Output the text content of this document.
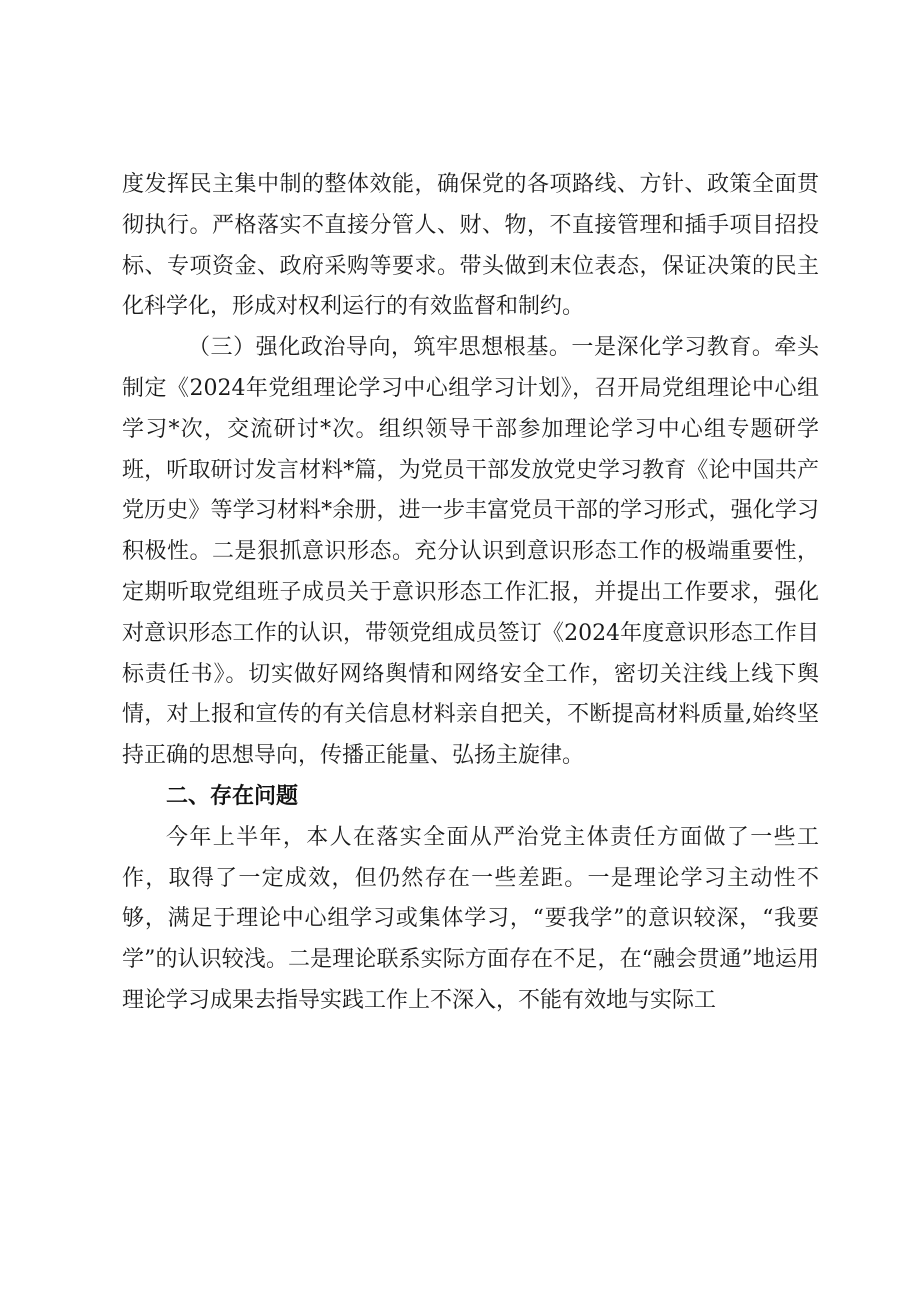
度发挥民主集中制的整体效能，确保党的各项路线、方针、政策全面贯彻执行。严格落实不直接分管人、财、物，不直接管理和插手项目招投标、专项资金、政府采购等要求。带头做到末位表态，保证决策的民主化科学化，形成对权利运行的有效监督和制约。

（三）强化政治导向，筑牢思想根基。一是深化学习教育。牵头制定《2024年党组理论学习中心组学习计划》，召开局党组理论中心组学习*次，交流研讨*次。组织领导干部参加理论学习中心组专题研学班，听取研讨发言材料*篇，为党员干部发放党史学习教育《论中国共产党历史》等学习材料*余册，进一步丰富党员干部的学习形式，强化学习积极性。二是狠抓意识形态。充分认识到意识形态工作的极端重要性，定期听取党组班子成员关于意识形态工作汇报，并提出工作要求，强化对意识形态工作的认识，带领党组成员签订《2024年度意识形态工作目标责任书》。切实做好网络舆情和网络安全工作，密切关注线上线下舆情，对上报和宣传的有关信息材料亲自把关，不断提高材料质量,始终坚持正确的思想导向，传播正能量、弘扬主旋律。

二、存在问题

今年上半年，本人在落实全面从严治党主体责任方面做了一些工作，取得了一定成效，但仍然存在一些差距。一是理论学习主动性不够，满足于理论中心组学习或集体学习，“要我学”的意识较深，“我要学”的认识较浅。二是理论联系实际方面存在不足，在“融会贯通”地运用理论学习成果去指导实践工作上不深入，不能有效地与实际工
